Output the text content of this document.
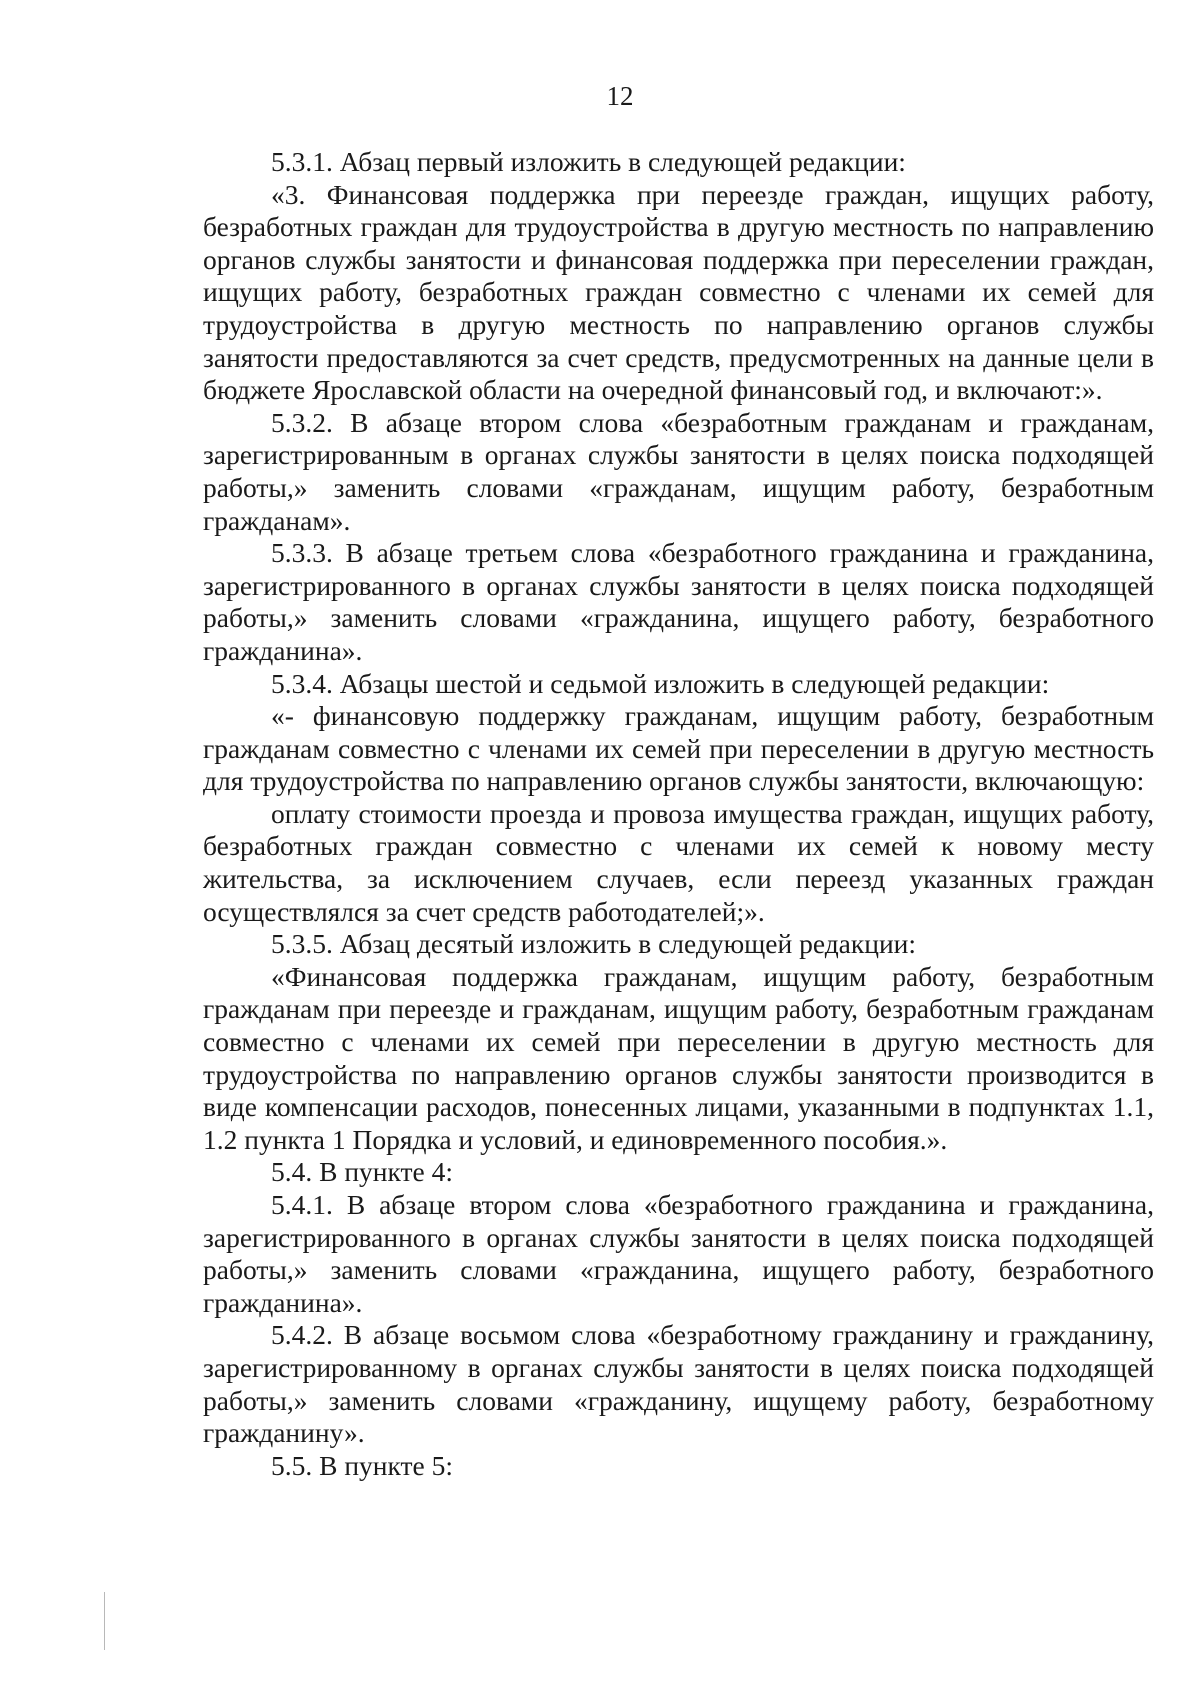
12

5.3.1. Абзац первый изложить в следующей редакции:

«3. Финансовая поддержка при переезде граждан, ищущих работу, безработных граждан для трудоустройства в другую местность по направлению органов службы занятости и финансовая поддержка при переселении граждан, ищущих работу, безработных граждан совместно с членами их семей для трудоустройства в другую местность по направлению органов службы занятости предоставляются за счет средств, предусмотренных на данные цели в бюджете Ярославской области на очередной финансовый год, и включают:».

5.3.2. В абзаце втором слова «безработным гражданам и гражданам, зарегистрированным в органах службы занятости в целях поиска подходящей работы,» заменить словами «гражданам, ищущим работу, безработным гражданам».

5.3.3. В абзаце третьем слова «безработного гражданина и гражданина, зарегистрированного в органах службы занятости в целях поиска подходящей работы,» заменить словами «гражданина, ищущего работу, безработного гражданина».

5.3.4. Абзацы шестой и седьмой изложить в следующей редакции:

«- финансовую поддержку гражданам, ищущим работу, безработным гражданам совместно с членами их семей при переселении в другую местность для трудоустройства по направлению органов службы занятости, включающую:

оплату стоимости проезда и провоза имущества граждан, ищущих работу, безработных граждан совместно с членами их семей к новому месту жительства, за исключением случаев, если переезд указанных граждан осуществлялся за счет средств работодателей;».

5.3.5. Абзац десятый изложить в следующей редакции:

«Финансовая поддержка гражданам, ищущим работу, безработным гражданам при переезде и гражданам, ищущим работу, безработным гражданам совместно с членами их семей при переселении в другую местность для трудоустройства по направлению органов службы занятости производится в виде компенсации расходов, понесенных лицами, указанными в подпунктах 1.1, 1.2 пункта 1 Порядка и условий, и единовременного пособия.».

5.4. В пункте 4:

5.4.1. В абзаце втором слова «безработного гражданина и гражданина, зарегистрированного в органах службы занятости в целях поиска подходящей работы,» заменить словами «гражданина, ищущего работу, безработного гражданина».

5.4.2. В абзаце восьмом слова «безработному гражданину и гражданину, зарегистрированному в органах службы занятости в целях поиска подходящей работы,» заменить словами «гражданину, ищущему работу, безработному гражданину».

5.5. В пункте 5:
